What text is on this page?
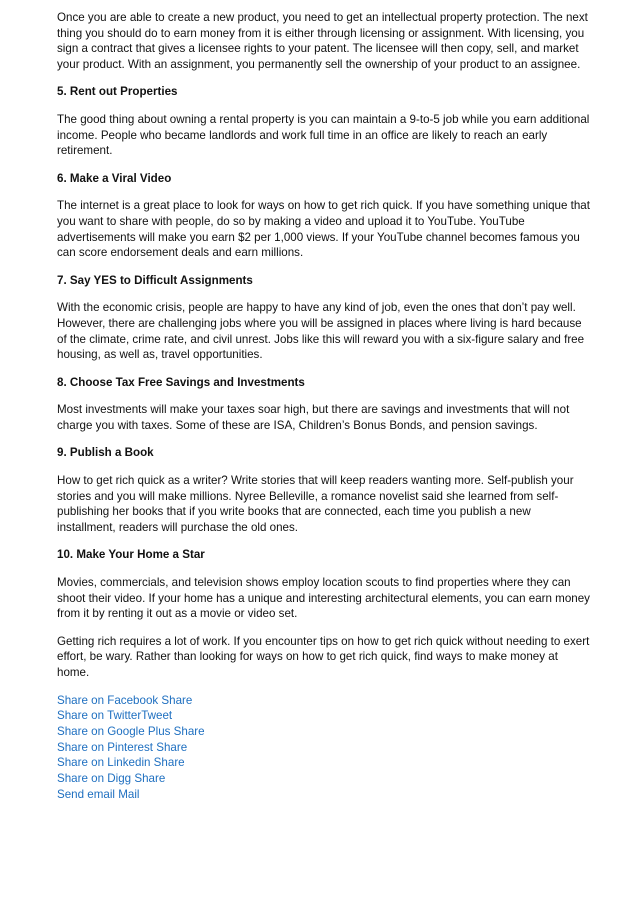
Once you are able to create a new product, you need to get an intellectual property protection. The next thing you should do to earn money from it is either through licensing or assignment. With licensing, you sign a contract that gives a licensee rights to your patent. The licensee will then copy, sell, and market your product. With an assignment, you permanently sell the ownership of your product to an assignee.

5. Rent out Properties

The good thing about owning a rental property is you can maintain a 9-to-5 job while you earn additional income. People who became landlords and work full time in an office are likely to reach an early retirement.

6. Make a Viral Video

The internet is a great place to look for ways on how to get rich quick. If you have something unique that you want to share with people, do so by making a video and upload it to YouTube. YouTube advertisements will make you earn $2 per 1,000 views. If your YouTube channel becomes famous you can score endorsement deals and earn millions.

7. Say YES to Difficult Assignments

With the economic crisis, people are happy to have any kind of job, even the ones that don’t pay well. However, there are challenging jobs where you will be assigned in places where living is hard because of the climate, crime rate, and civil unrest. Jobs like this will reward you with a six-figure salary and free housing, as well as, travel opportunities.

8. Choose Tax Free Savings and Investments

Most investments will make your taxes soar high, but there are savings and investments that will not charge you with taxes. Some of these are ISA, Children’s Bonus Bonds, and pension savings.

9. Publish a Book

How to get rich quick as a writer? Write stories that will keep readers wanting more. Self-publish your stories and you will make millions. Nyree Belleville, a romance novelist said she learned from self-publishing her books that if you write books that are connected, each time you publish a new installment, readers will purchase the old ones.

10. Make Your Home a Star

Movies, commercials, and television shows employ location scouts to find properties where they can shoot their video. If your home has a unique and interesting architectural elements, you can earn money from it by renting it out as a movie or video set.

Getting rich requires a lot of work. If you encounter tips on how to get rich quick without needing to exert effort, be wary. Rather than looking for ways on how to get rich quick, find ways to make money at home.

Share on Facebook Share
Share on TwitterTweet
Share on Google Plus Share
Share on Pinterest Share
Share on Linkedin Share
Share on Digg Share
Send email Mail
